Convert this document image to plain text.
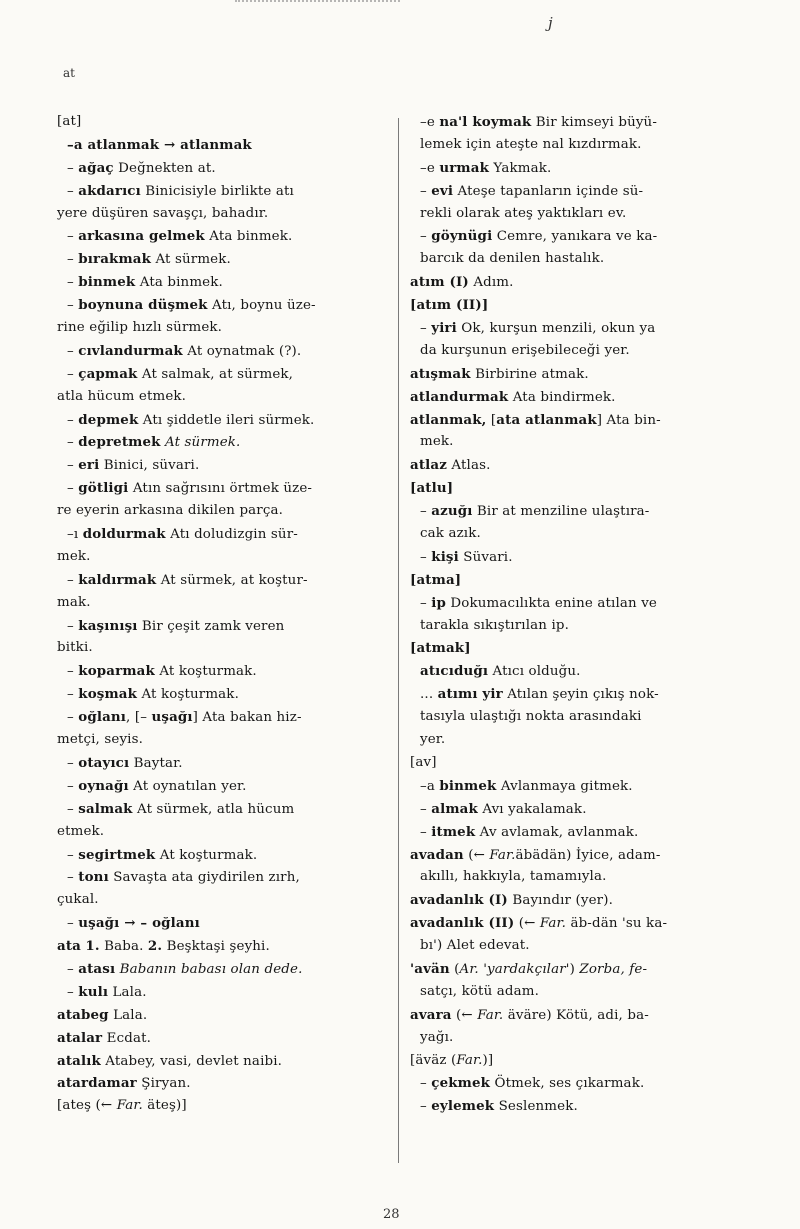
j
at
[at]
–a atlanmak → atlanmak
– ağaç Değnekten at.
– akdarıcı Binicisiyle birlikte atı
yere düşüren savaşçı, bahadır.
– arkasına gelmek Ata binmek.
– bırakmak At sürmek.
– binmek Ata binmek.
– boynuna düşmek Atı, boynu üze-
rine eğilip hızlı sürmek.
– cıvlandurmak At oynatmak (?).
– çapmak At salmak, at sürmek,
atla hücum etmek.
– depmek Atı şiddetle ileri sürmek.
– depretmek At sürmek.
– eri Binici, süvari.
– götligi Atın sağrısını örtmek üze-
re eyerin arkasına dikilen parça.
–ı doldurmak Atı doludizgin sür-
mek.
– kaldırmak At sürmek, at koştur-
mak.
– kaşınışı Bir çeşit zamk veren
bitki.
– koparmak At koşturmak.
– koşmak At koşturmak.
– oğlanı, [– uşağı] Ata bakan hiz-
metçi, seyis.
– otayıcı Baytar.
– oynağı At oynatılan yer.
– salmak At sürmek, atla hücum
etmek.
– segirtmek At koşturmak.
– tonı Savaşta ata giydirilen zırh,
çukal.
– uşağı → – oğlanı
ata 1. Baba. 2. Beşktaşi şeyhi.
– atası Babanın babası olan dede.
– kulı Lala.
atabeg Lala.
atalar Ecdat.
atalık Atabey, vasi, devlet naibi.
atardamar Şiryan.
[ateş (← Far. äteş)]
–e na'l koymak Bir kimseyi büyü-
lemek için ateşte nal kızdırmak.
–e urmak Yakmak.
– evi Ateşe tapanların içinde sü-
rekli olarak ateş yaktıkları ev.
– göynügi Cemre, yanıkara ve ka-
barcık da denilen hastalık.
atım (I) Adım.
[atım (II)]
– yiri Ok, kurşun menzili, okun ya
da kurşunun erişebileceği yer.
atışmak Birbirine atmak.
atlandurmak Ata bindirmek.
atlanmak, [ata atlanmak] Ata bin-
mek.
atlaz Atlas.
[atlu]
– azuğı Bir at menziline ulaştıra-
cak azık.
– kişi Süvari.
[atma]
– ip Dokumacılıkta enine atılan ve
tarakla sıkıştırılan ip.
[atmak]
atıcıduğı Atıcı olduğu.
... atımı yir Atılan şeyin çıkış nok-
tasıyla ulaştığı nokta arasındaki
yer.
[av]
–a binmek Avlanmaya gitmek.
– almak Avı yakalamak.
– itmek Av avlamak, avlanmak.
avadan (← Far.äbädän) İyice, adam-
akıllı, hakkıyla, tamamıyla.
avadanlık (I) Bayındır (yer).
avadanlık (II) (← Far. äb-dän 'su ka-
bı') Alet edevat.
'avän (Ar. 'yardakçılar') Zorba, fe-
satçı, kötü adam.
avara (← Far. äväre) Kötü, adi, ba-
yağı.
[äväz (Far.)]
– çekmek Ötmek, ses çıkarmak.
– eylemek Seslenmek.
28
